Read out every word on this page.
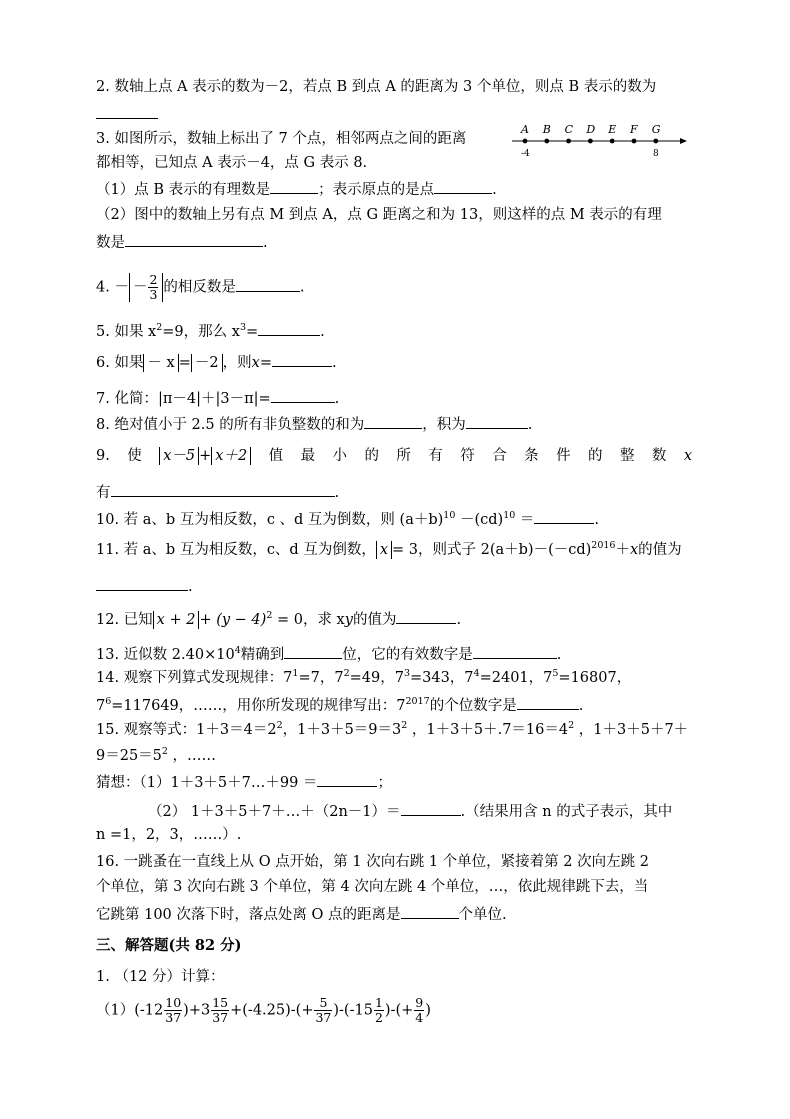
2. 数轴上点 A 表示的数为－2，若点 B 到点 A 的距离为 3 个单位，则点 B 表示的数为
3. 如图所示，数轴上标出了 7 个点，相邻两点之间的距离
A B C D E F G
-4	8
都相等，已知点 A 表示－4，点 G 表示 8.
（1）点 B 表示的有理数是	；表示原点的是点	.
（2）图中的数轴上另有点 M 到点 A，点 G 距离之和为 13，则这样的点 M 表示的有理
数是	.
4. － － $\frac{2}{3}$ 的相反数是	.
5. 如果 $x^2=9$，那么 $x^3=$	.
6. 如果 － x = －2 ，则x=	.
7. 化简：|π－4|＋|3－π|=	.
8. 绝对值小于 2.5 的所有非负整数的和为	，积为	.
9. 使 x－5 + x＋2 值 最 小 的 所 有 符 合 条 件 的 整 数 x
有	.
10. 若 a、b 互为相反数，c 、d 互为倒数，则 $(a+b)^{10} -(cd)^{10}$ ＝	.
11. 若 a、b 互为相反数，c、d 互为倒数， x = 3，则式子 $2(a+b)-(-cd)^{2016}+x$的值为
.
12. 已知 $x + 2 + (y - 4)^2 = 0$，求 xy的值为	.
13. 近似数 $2.40\times 10^4$精确到	位，它的有效数字是	.
14. 观察下列算式发现规律：$7^1=7$，$7^2=49$，$7^3=343$，$7^4=2401$，$7^5=16807$，
$7^6=117649$，……，用你所发现的规律写出：$7^{2017}$的个位数字是	.
15. 观察等式：$1+3=4=2^2$，$1+3+5=9=3^2$ ，$1+3+5+.7=16=4^2$ ，1＋3＋5＋7＋
$9=25=5^2$ ，……
猜想：（1）1＋3＋5＋7…＋99 ＝	；
（2） 1＋3＋5＋7＋…＋（2n－1）＝	.（结果用含 n 的式子表示，其中
n =1，2，3，……）.
16. 一跳蚤在一直线上从 O 点开始，第 1 次向右跳 1 个单位，紧接着第 2 次向左跳 2
个单位，第 3 次向右跳 3 个单位，第 4 次向左跳 4 个单位，…，依此规律跳下去，当
它跳第 100 次落下时，落点处离 O 点的距离是	个单位.
三、解答题(共 82 分)
1. （12 分）计算：
$(1)(-12 \frac{10}{37} )+3 \frac{15}{37} +(-4.25)-(+ \frac{5}{37} )-(-15 \frac{1}{2}$ )-(+ $\frac{9}{4}$ )
